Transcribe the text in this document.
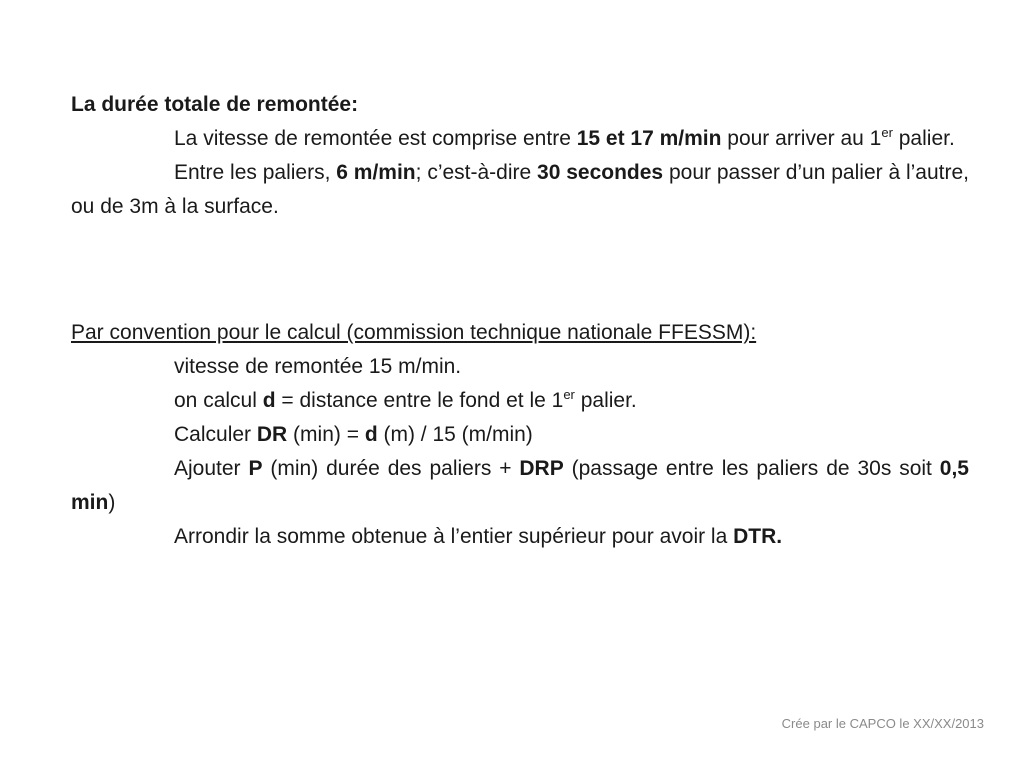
La durée totale de remontée:

La vitesse de remontée est comprise entre 15 et 17 m/min pour arriver au 1er palier.

Entre les paliers, 6 m/min; c’est-à-dire 30 secondes pour passer d’un palier à l’autre, ou de 3m à la surface.

Par convention pour le calcul (commission technique nationale FFESSM):

vitesse de remontée 15 m/min.

on calcul d = distance entre le fond et le 1er palier.

Calculer DR (min) = d (m) / 15 (m/min)

Ajouter P (min) durée des paliers + DRP (passage entre les paliers de 30s soit 0,5 min)

Arrondir la somme obtenue à l’entier supérieur pour avoir la DTR.

Crée par le CAPCO le XX/XX/2013
